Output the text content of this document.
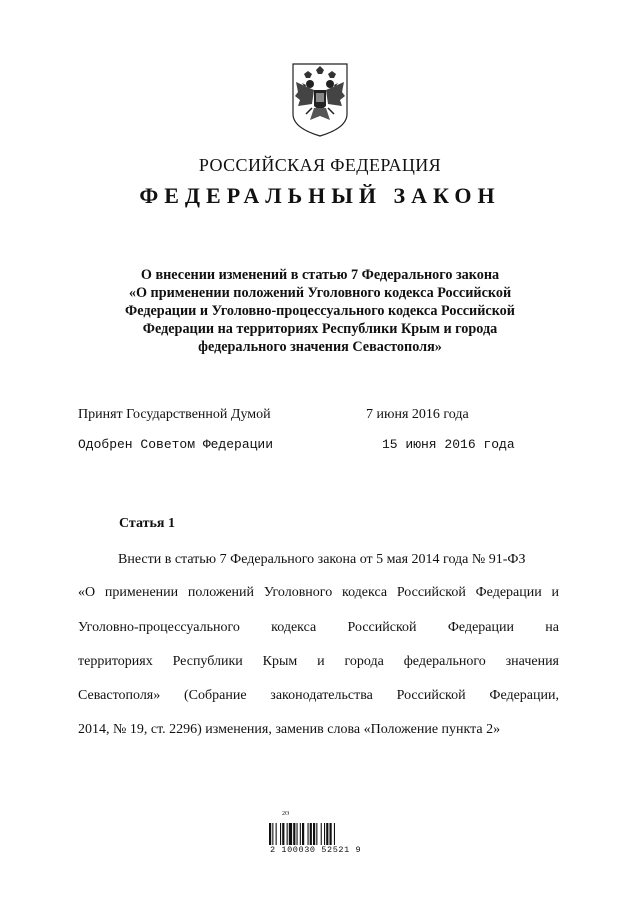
РОССИЙСКАЯ ФЕДЕРАЦИЯ
ФЕДЕРАЛЬНЫЙ ЗАКОН
О внесении изменений в статью 7 Федерального закона
«О применении положений Уголовного кодекса Российской
Федерации и Уголовно-процессуального кодекса Российской
Федерации на территориях Республики Крым и города
федерального значения Севастополя»
Принят Государственной Думой	7 июня 2016 года
Одобрен Советом Федерации	15 июня 2016 года
Статья 1
Внести в статью 7 Федерального закона от 5 мая 2014 года № 91-ФЗ
«О применении положений Уголовного кодекса Российской Федерации и
Уголовно-процессуального кодекса Российской Федерации на
территориях Республики Крым и города федерального значения
Севастополя» (Собрание законодательства Российской Федерации,
2014, № 19, ст. 2296) изменения, заменив слова «Положение пункта 2»
2ʘ
2 100030 52521 9
